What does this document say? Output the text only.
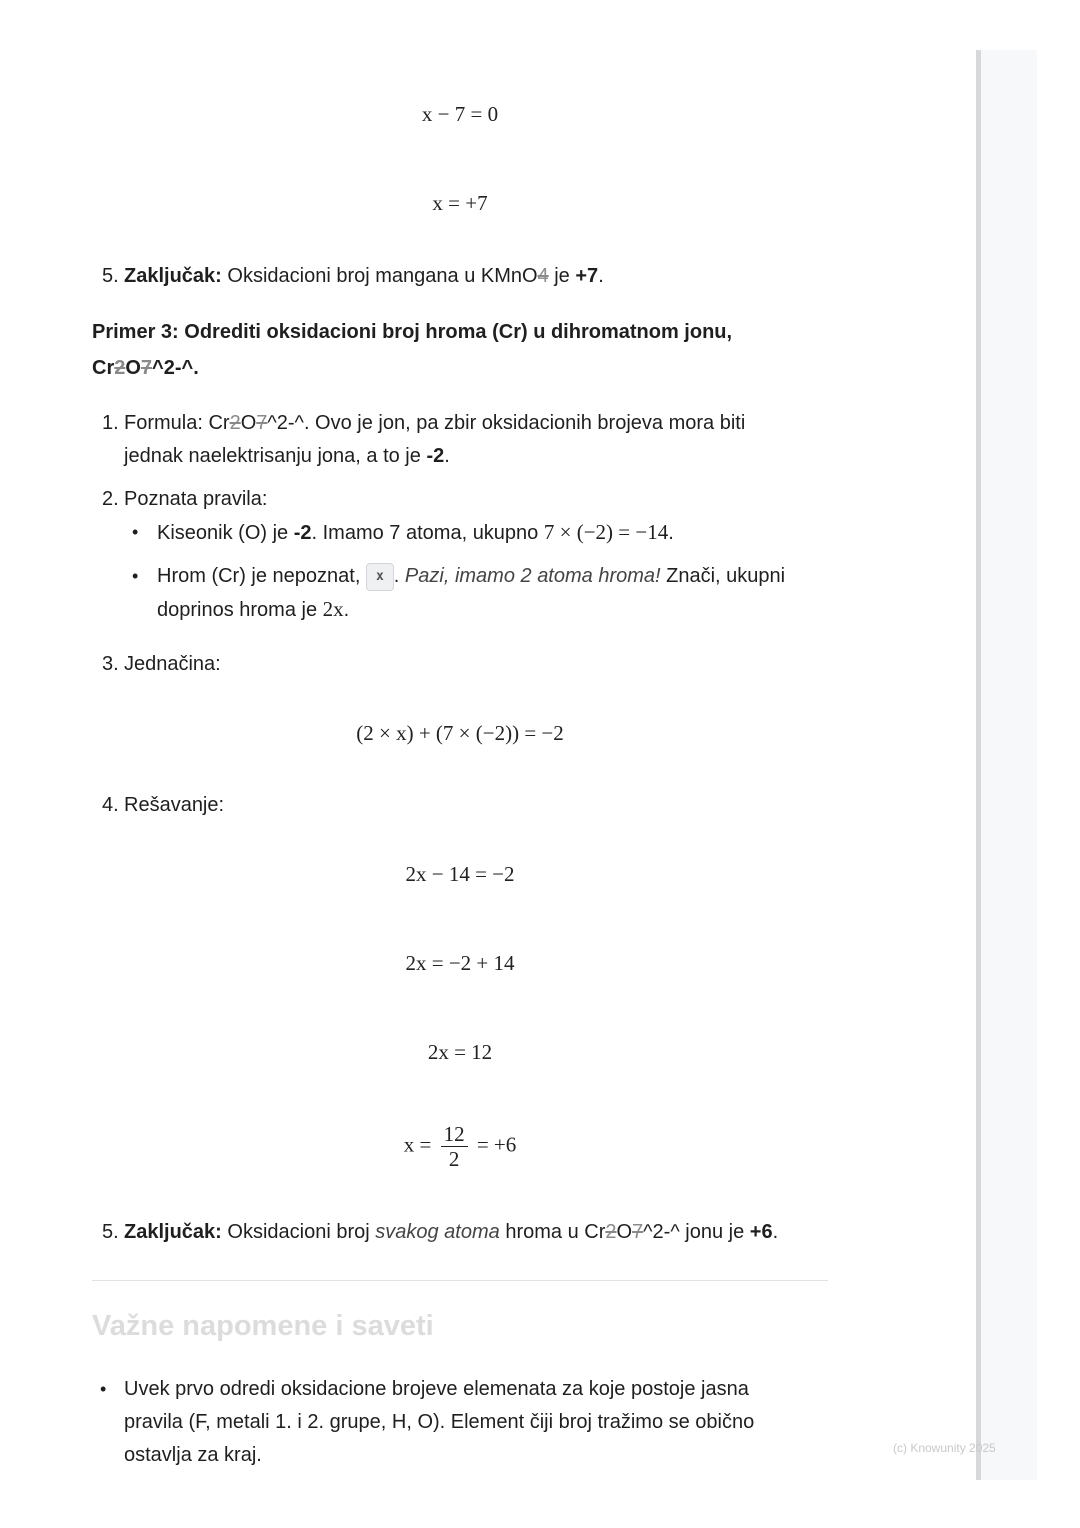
(c) Knowunity 2025
x − 7 = 0
x = +7
5. Zaključak: Oksidacioni broj mangana u KMnO4 je +7.
Primer 3: Odrediti oksidacioni broj hroma (Cr) u dihromatnom jonu,
Cr2O7^2-^.
1. Formula: Cr2O7^2-^. Ovo je jon, pa zbir oksidacionih brojeva mora biti
jednak naelektrisanju jona, a to je -2.
2. Poznata pravila:
• Kiseonik (O) je -2. Imamo 7 atoma, ukupno 7 × (−2) = −14.
• Hrom (Cr) je nepoznat, x . Pazi, imamo 2 atoma hroma! Znači, ukupni
doprinos hroma je 2x.
3. Jednačina:
(2 × x) + (7 × (−2)) = −2
4. Rešavanje:
2x − 14 = −2
2x = −2 + 14
2x = 12
$x = \frac{12}{2} = +6$
5. Zaključak: Oksidacioni broj svakog atoma hroma u Cr2O7^2-^ jonu je +6.
Važne napomene i saveti
• Uvek prvo odredi oksidacione brojeve elemenata za koje postoje jasna
pravila (F, metali 1. i 2. grupe, H, O). Element čiji broj tražimo se obično
ostavlja za kraj.
